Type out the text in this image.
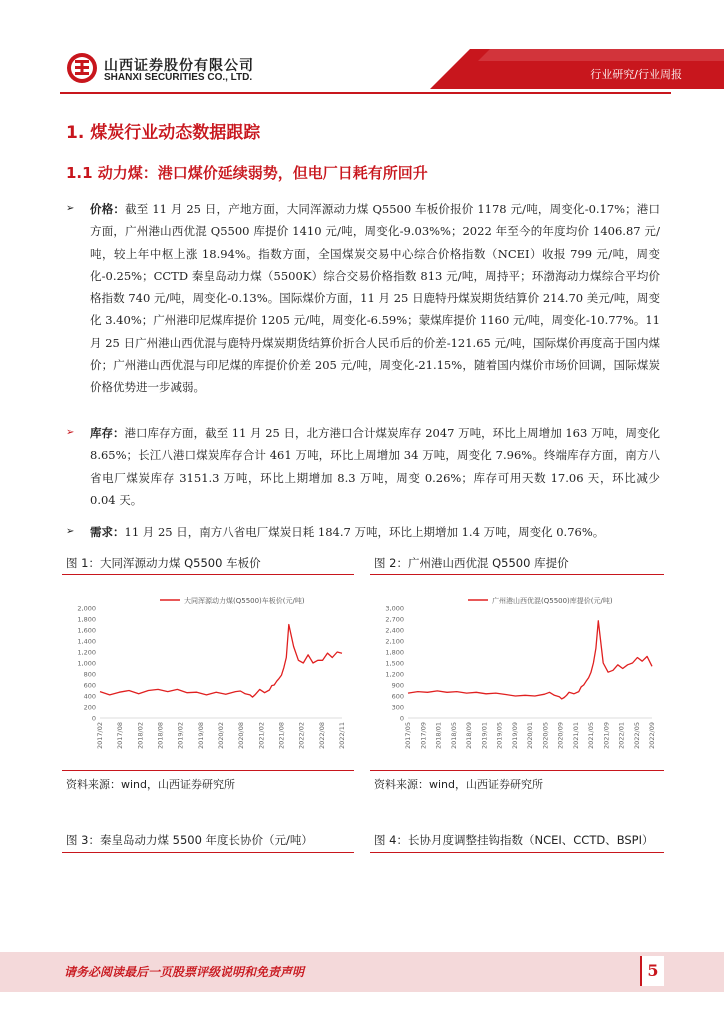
山西证券股份有限公司
SHANXI SECURITIES CO., LTD.	行业研究/行业周报
1. 煤炭行业动态数据跟踪
1.1 动力煤：港口煤价延续弱势，但电厂日耗有所回升
➢	价格：截至 11 月 25 日，产地方面，大同浑源动力煤 Q5500 车板价报价 1178 元/吨，周变化-0.17%；港口方面，广州港山西优混 Q5500 库提价 1410 元/吨，周变化-9.03%%；2022 年至今的年度均价 1406.87 元/吨，较上年中枢上涨 18.94%。指数方面，全国煤炭交易中心综合价格指数（NCEI）收报 799 元/吨，周变化-0.25%；CCTD 秦皇岛动力煤（5500K）综合交易价格指数 813 元/吨，周持平；环渤海动力煤综合平均价格指数 740 元/吨，周变化-0.13%。国际煤价方面，11 月 25 日鹿特丹煤炭期货结算价 214.70 美元/吨，周变化 3.40%；广州港印尼煤库提价 1205 元/吨，周变化-6.59%；蒙煤库提价 1160 元/吨，周变化-10.77%。11 月 25 日广州港山西优混与鹿特丹煤炭期货结算价折合人民币后的价差-121.65 元/吨，国际煤价再度高于国内煤价；广州港山西优混与印尼煤的库提价价差 205 元/吨，周变化-21.15%，随着国内煤价市场价回调，国际煤炭价格优势进一步减弱。
➢	库存：港口库存方面，截至 11 月 25 日，北方港口合计煤炭库存 2047 万吨，环比上周增加 163 万吨，周变化 8.65%；长江八港口煤炭库存合计 461 万吨，环比上周增加 34 万吨，周变化 7.96%。终端库存方面，南方八省电厂煤炭库存 3151.3 万吨，环比上期增加 8.3 万吨，周变 0.26%；库存可用天数 17.06 天，环比减少 0.04 天。
➢	需求：11 月 25 日，南方八省电厂煤炭日耗 184.7 万吨，环比上期增加 1.4 万吨，周变化 0.76%。
图 1：大同浑源动力煤 Q5500 车板价	图 2：广州港山西优混 Q5500 库提价
大同浑源动力煤(Q5500)车板价(元/吨)
0
200
400
600
800
1,000
1,200
1,400
1,600
1,800
2,000
2017/02 2017/08 2018/02 2018/08 2019/02 2019/08 2020/02 2020/08 2021/02 2021/08 2022/02 2022/08 2022/11
广州港山西优混(Q5500)库提价(元/吨)
0
300
600
900
1,200
1,500
1,800
2,100
2,400
2,700
3,000
2017/05 2017/09 2018/01 2018/05 2018/09 2019/01 2019/05 2019/09 2020/01 2020/05 2020/09 2021/01 2021/05 2021/09 2022/01 2022/05 2022/09
资料来源：wind，山西证券研究所	资料来源：wind，山西证券研究所
图 3：秦皇岛动力煤 5500 年度长协价（元/吨）	图 4：长协月度调整挂钩指数（NCEI、CCTD、BSPI）
请务必阅读最后一页股票评级说明和免责声明	5
